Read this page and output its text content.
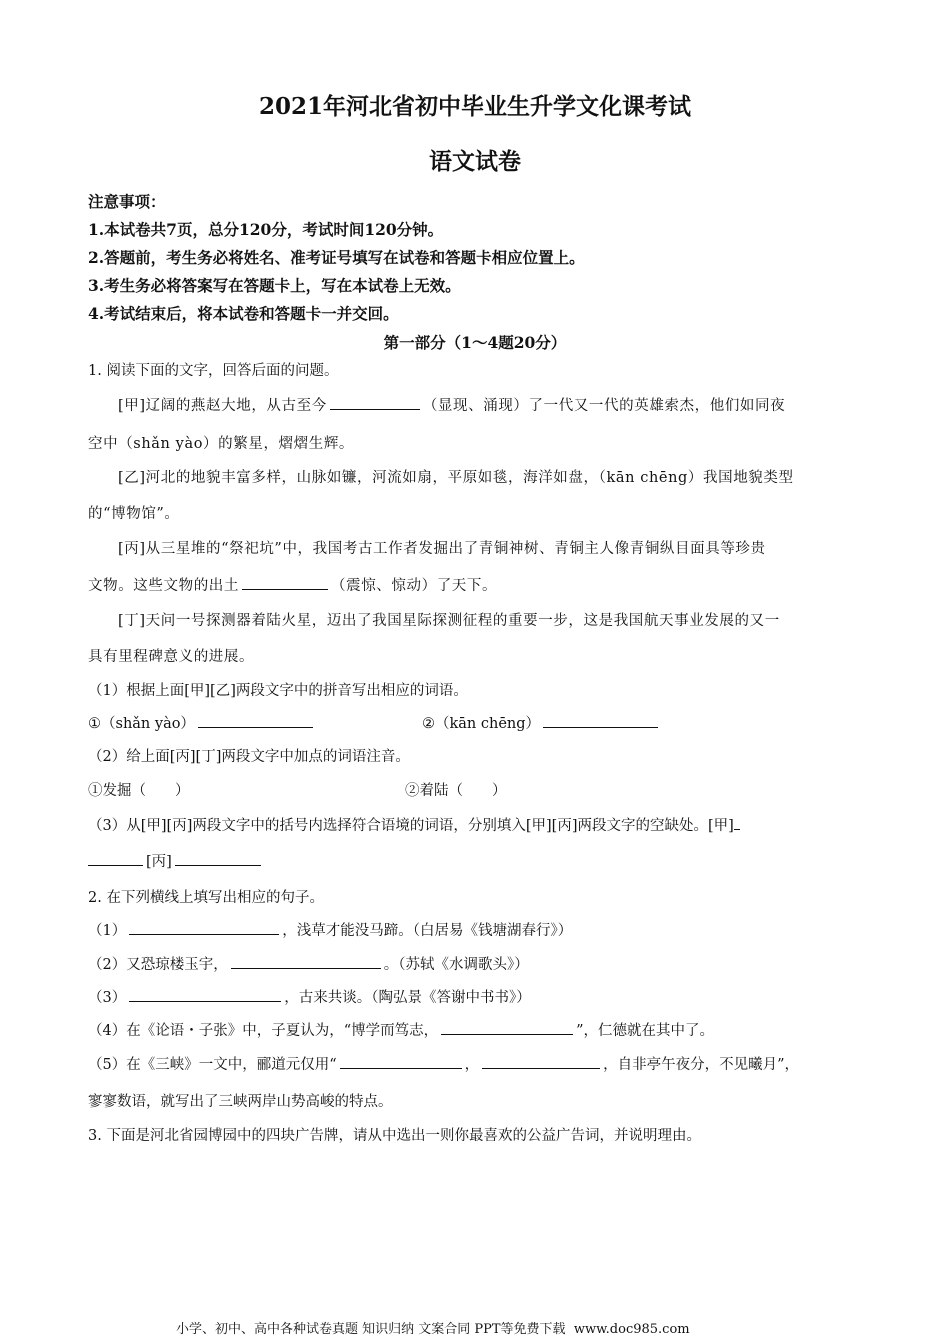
2021年河北省初中毕业生升学文化课考试
语文试卷
注意事项：
1.本试卷共7页，总分120分，考试时间120分钟。
2.答题前，考生务必将姓名、准考证号填写在试卷和答题卡相应位置上。
3.考生务必将答案写在答题卡上，写在本试卷上无效。
4.考试结束后，将本试卷和答题卡一并交回。
第一部分（1～4题20分）
1. 阅读下面的文字，回答后面的问题。
[甲]辽阔的燕赵大地，从古至今	（显现、涌现）了一代又一代的英雄索杰，他们如同夜
空中（shǎn yào）的繁星，熠熠生辉。
[乙]河北的地貌丰富多样，山脉如镰，河流如扇，平原如毯，海洋如盘，（kān chēng）我国地貌类型
的“博物馆”。
[丙]从三星堆的“祭祀坑”中，我国考古工作者发掘出了青铜神树、青铜主人像青铜纵目面具等珍贵
文物。这些文物的出土	（震惊、惊动）了天下。
[丁]天问一号探测器着陆火星，迈出了我国星际探测征程的重要一步，这是我国航天事业发展的又一
具有里程碑意义的进展。
（1）根据上面[甲][乙]两段文字中的拼音写出相应的词语。
①（shǎn yào）	②（kān chēng）
（2）给上面[丙][丁]两段文字中加点的词语注音。
①发掘（　　）	②着陆（　　）
（3）从[甲][丙]两段文字中的括号内选择符合语境的词语，分别填入[甲][丙]两段文字的空缺处。[甲]
[丙]
2. 在下列横线上填写出相应的句子。
（1）	，浅草才能没马蹄。（白居易《钱塘湖春行》）
（2）又恐琼楼玉宇，	。（苏轼《水调歌头》）
（3）	，古来共谈。（陶弘景《答谢中书书》）
（4）在《论语・子张》中，子夏认为，“博学而笃志，	”，仁德就在其中了。
（5）在《三峡》一文中，郦道元仅用“	，	，自非亭午夜分，不见曦月”，
寥寥数语，就写出了三峡两岸山势高峻的特点。
3. 下面是河北省园博园中的四块广告牌，请从中选出一则你最喜欢的公益广告词，并说明理由。
小学、初中、高中各种试卷真题 知识归纳 文案合同 PPT等免费下载 www.doc985.com
